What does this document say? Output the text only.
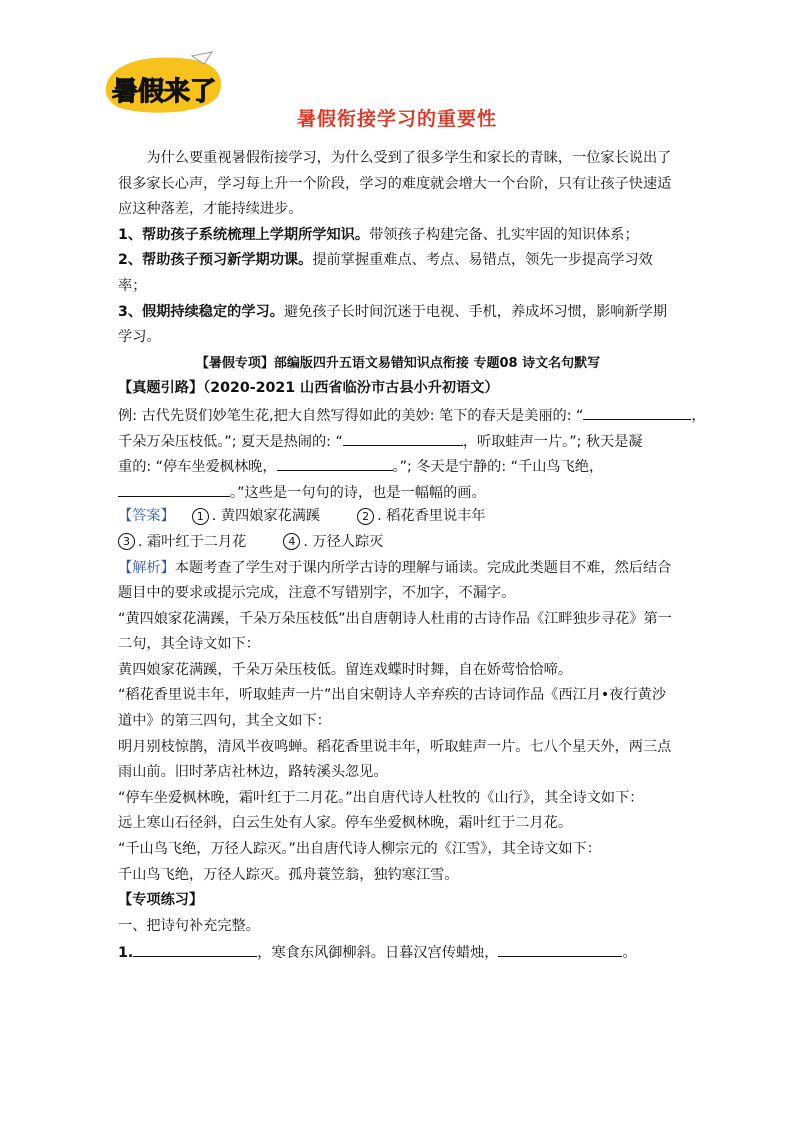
暑假来了
暑假衔接学习的重要性
为什么要重视暑假衔接学习，为什么受到了很多学生和家长的青睐，一位家长说出了很多家长心声，学习每上升一个阶段，学习的难度就会增大一个台阶，只有让孩子快速适应这种落差，才能持续进步。
1、帮助孩子系统梳理上学期所学知识。带领孩子构建完备、扎实牢固的知识体系；
2、帮助孩子预习新学期功课。提前掌握重难点、考点、易错点，领先一步提高学习效率；
3、假期持续稳定的学习。避免孩子长时间沉迷于电视、手机，养成坏习惯，影响新学期学习。
【暑假专项】部编版四升五语文易错知识点衔接 专题08 诗文名句默写
【真题引路】（2020-2021 山西省临汾市古县小升初语文）
例: 古代先贤们妙笔生花,把大自然写得如此的美妙: 笔下的春天是美丽的: “	，
千朵万朵压枝低。”; 夏天是热闹的: “	，听取蛙声一片。”; 秋天是凝
重的: “停车坐爱枫林晚，	。”; 冬天是宁静的: “千山鸟飞绝，
。”这些是一句句的诗，也是一幅幅的画。
【答案】 1 . 黄四娘家花满蹊	2 . 稻花香里说丰年
3 . 霜叶红于二月花	4 . 万径人踪灭
【解析】本题考查了学生对于课内所学古诗的理解与诵读。完成此类题目不难，然后结合题目中的要求或提示完成，注意不写错别字，不加字，不漏字。
“黄四娘家花满蹊，千朵万朵压枝低”出自唐朝诗人杜甫的古诗作品《江畔独步寻花》第一二句，其全诗文如下：
黄四娘家花满蹊，千朵万朵压枝低。留连戏蝶时时舞，自在娇莺恰恰啼。
“稻花香里说丰年，听取蛙声一片”出自宋朝诗人辛弃疾的古诗词作品《西江月•夜行黄沙道中》的第三四句，其全文如下：
明月别枝惊鹊，清风半夜鸣蝉。稻花香里说丰年，听取蛙声一片。七八个星天外，两三点雨山前。旧时茅店社林边，路转溪头忽见。
“停车坐爱枫林晚，霜叶红于二月花。”出自唐代诗人杜牧的《山行》，其全诗文如下：
远上寒山石径斜，白云生处有人家。停车坐爱枫林晚，霜叶红于二月花。
“千山鸟飞绝，万径人踪灭。”出自唐代诗人柳宗元的《江雪》，其全诗文如下：
千山鸟飞绝，万径人踪灭。孤舟蓑笠翁，独钓寒江雪。
【专项练习】
一、把诗句补充完整。
1.	，寒食东风御柳斜。日暮汉宫传蜡烛，	。
